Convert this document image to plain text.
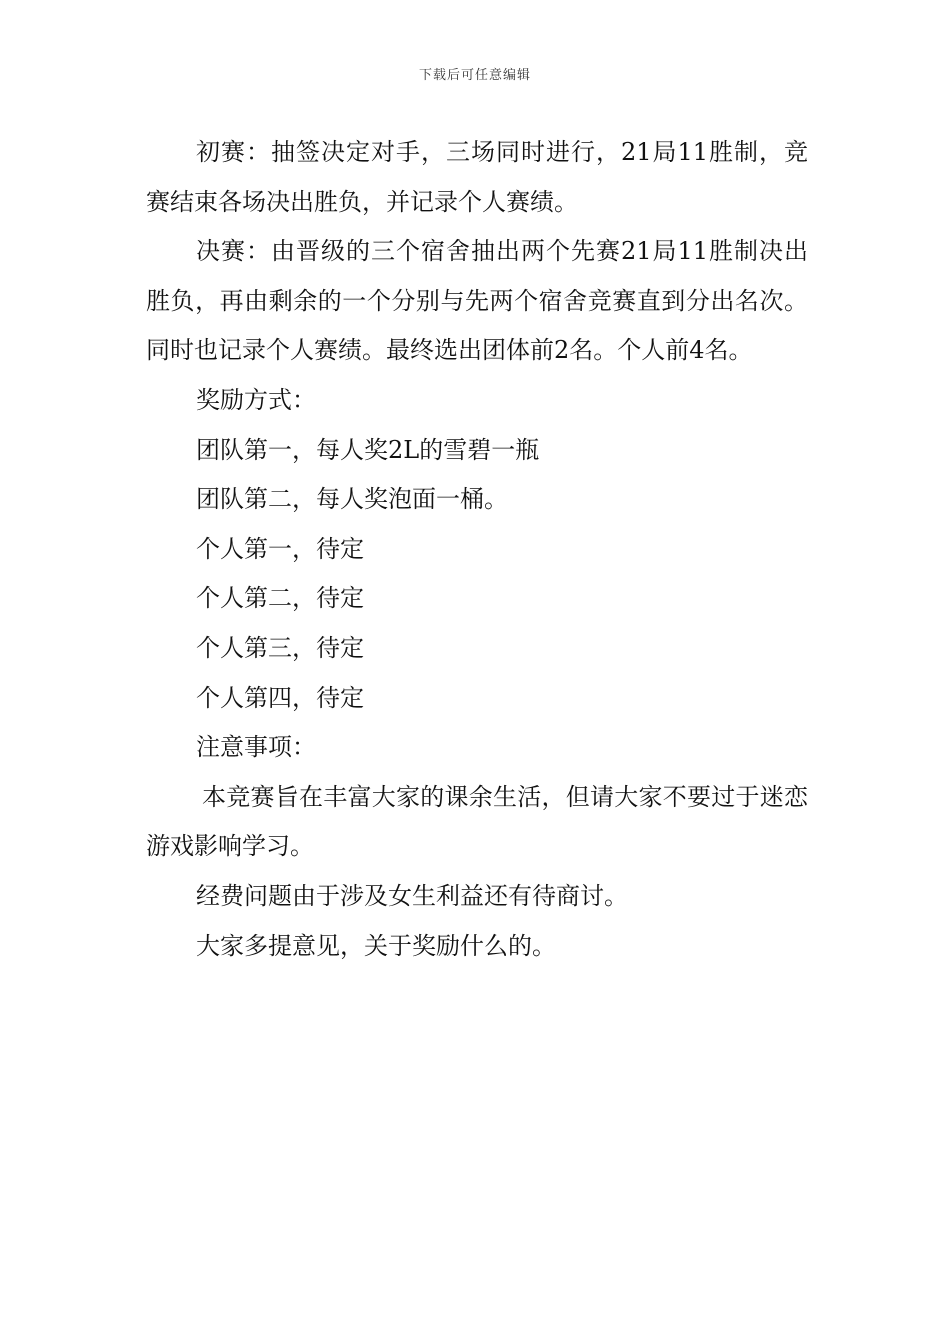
下载后可任意编辑

初赛：抽签决定对手，三场同时进行，21局11胜制，竞赛结束各场决出胜负，并记录个人赛绩。

决赛：由晋级的三个宿舍抽出两个先赛21局11胜制决出胜负，再由剩余的一个分别与先两个宿舍竞赛直到分出名次。同时也记录个人赛绩。最终选出团体前2名。个人前4名。

奖励方式：

团队第一，每人奖2L的雪碧一瓶

团队第二，每人奖泡面一桶。

个人第一，待定

个人第二，待定

个人第三，待定

个人第四，待定

注意事项：

本竞赛旨在丰富大家的课余生活，但请大家不要过于迷恋游戏影响学习。

经费问题由于涉及女生利益还有待商讨。

大家多提意见，关于奖励什么的。
